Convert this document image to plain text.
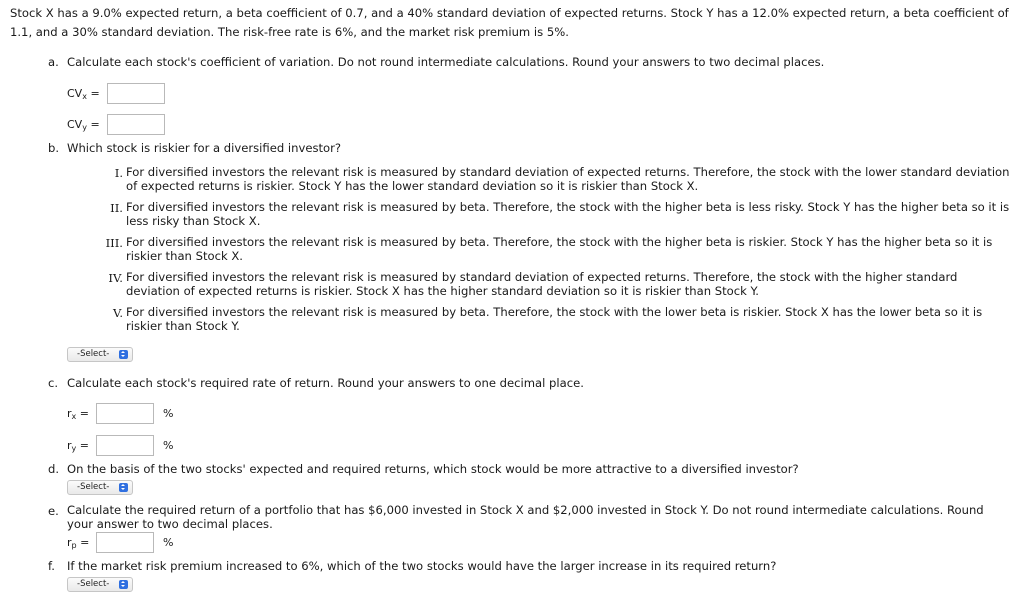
Stock X has a 9.0% expected return, a beta coefficient of 0.7, and a 40% standard deviation of expected returns. Stock Y has a 12.0% expected return, a beta coefficient of 1.1, and a 30% standard deviation. The risk-free rate is 6%, and the market risk premium is 5%.
a. Calculate each stock's coefficient of variation. Do not round intermediate calculations. Round your answers to two decimal places.
$CV_x$ =
$CV_y$ =
b. Which stock is riskier for a diversified investor?
I. For diversified investors the relevant risk is measured by standard deviation of expected returns. Therefore, the stock with the lower standard deviation of expected returns is riskier. Stock Y has the lower standard deviation so it is riskier than Stock X.
II. For diversified investors the relevant risk is measured by beta. Therefore, the stock with the higher beta is less risky. Stock Y has the higher beta so it is less risky than Stock X.
III. For diversified investors the relevant risk is measured by beta. Therefore, the stock with the higher beta is riskier. Stock Y has the higher beta so it is riskier than Stock X.
IV. For diversified investors the relevant risk is measured by standard deviation of expected returns. Therefore, the stock with the higher standard deviation of expected returns is riskier. Stock X has the higher standard deviation so it is riskier than Stock Y.
V. For diversified investors the relevant risk is measured by beta. Therefore, the stock with the lower beta is riskier. Stock X has the lower beta so it is riskier than Stock Y.
-Select-
c. Calculate each stock's required rate of return. Round your answers to one decimal place.
$r_x$ =	%
$r_y$ =	%
d. On the basis of the two stocks' expected and required returns, which stock would be more attractive to a diversified investor?
-Select-
e. Calculate the required return of a portfolio that has $6,000 invested in Stock X and $2,000 invested in Stock Y. Do not round intermediate calculations. Round your answer to two decimal places.
$r_p$ =	%
f. If the market risk premium increased to 6%, which of the two stocks would have the larger increase in its required return?
-Select-
